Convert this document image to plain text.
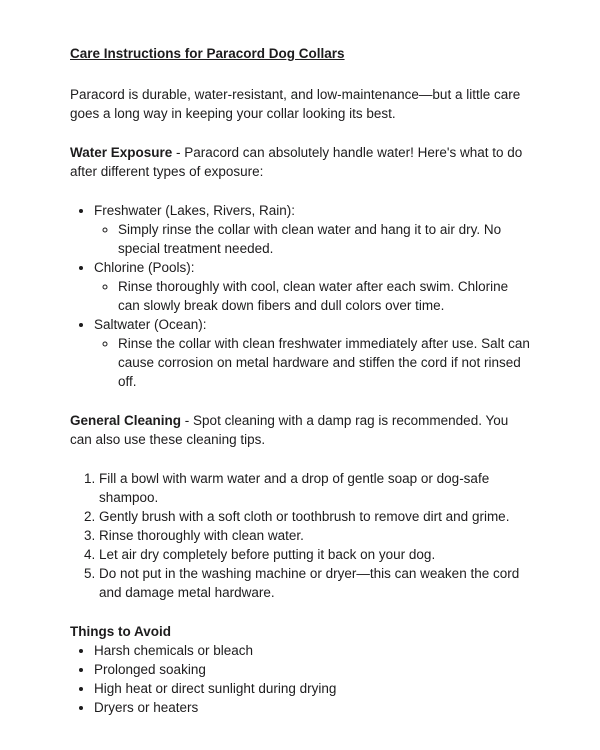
Care Instructions for Paracord Dog Collars

Paracord is durable, water-resistant, and low-maintenance—but a little care goes a long way in keeping your collar looking its best.

Water Exposure - Paracord can absolutely handle water! Here's what to do after different types of exposure:

• Freshwater (Lakes, Rivers, Rain):
◦ Simply rinse the collar with clean water and hang it to air dry. No special treatment needed.
• Chlorine (Pools):
◦ Rinse thoroughly with cool, clean water after each swim. Chlorine can slowly break down fibers and dull colors over time.
• Saltwater (Ocean):
◦ Rinse the collar with clean freshwater immediately after use. Salt can cause corrosion on metal hardware and stiffen the cord if not rinsed off.

General Cleaning - Spot cleaning with a damp rag is recommended. You can also use these cleaning tips.

Fill a bowl with warm water and a drop of gentle soap or dog-safe shampoo.
Gently brush with a soft cloth or toothbrush to remove dirt and grime.
Rinse thoroughly with clean water.
Let air dry completely before putting it back on your dog.
Do not put in the washing machine or dryer—this can weaken the cord and damage metal hardware.
Things to Avoid
• Harsh chemicals or bleach
• Prolonged soaking
• High heat or direct sunlight during drying
• Dryers or heaters
